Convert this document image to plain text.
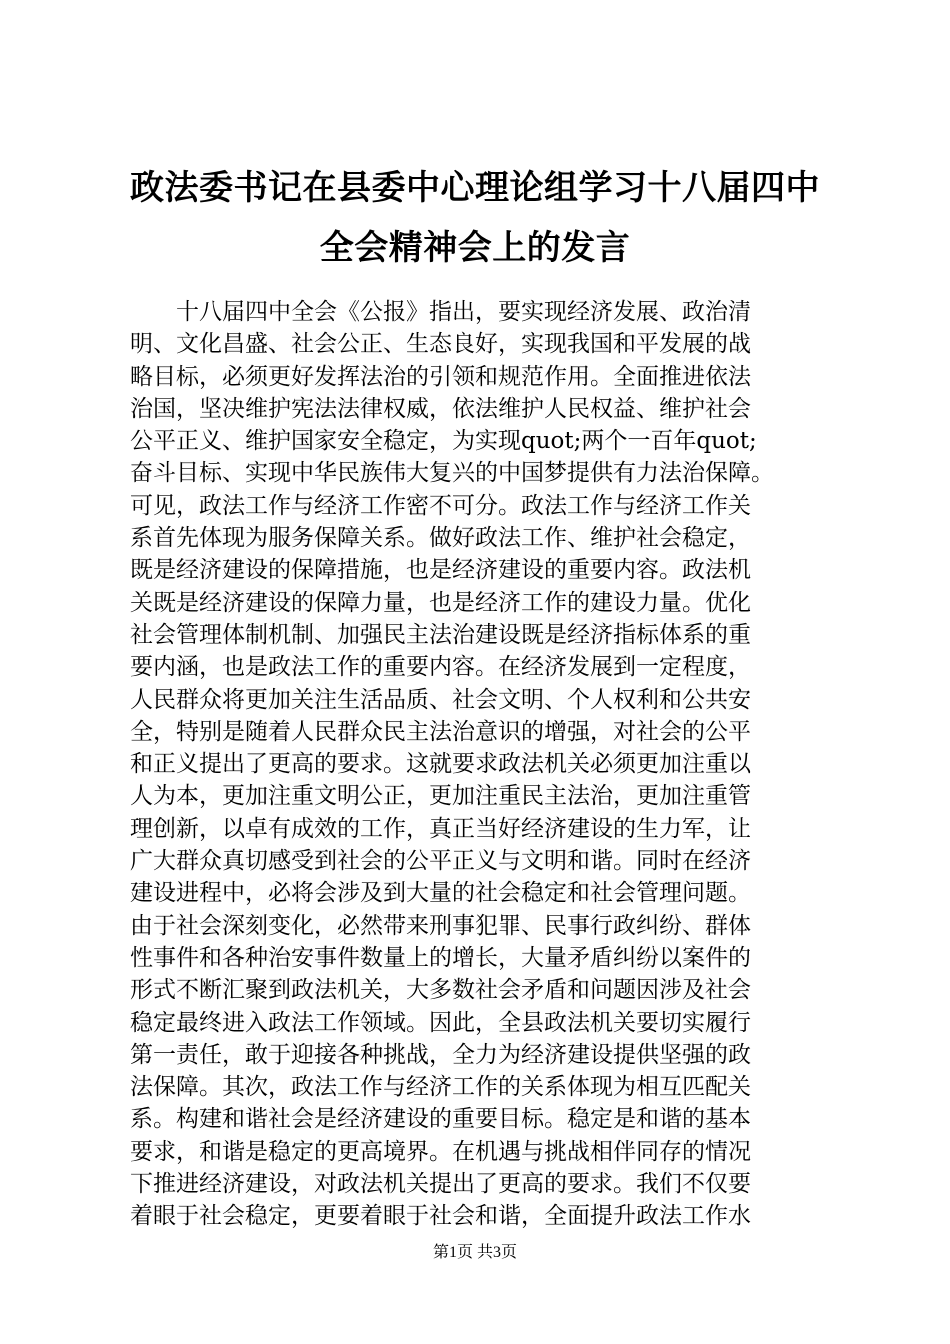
政法委书记在县委中心理论组学习十八届四中
全会精神会上的发言
　　十八届四中全会《公报》指出，要实现经济发展、政治清
明、文化昌盛、社会公正、生态良好，实现我国和平发展的战
略目标，必须更好发挥法治的引领和规范作用。全面推进依法
治国，坚决维护宪法法律权威，依法维护人民权益、维护社会
公平正义、维护国家安全稳定，为实现quot;两个一百年quot;
奋斗目标、实现中华民族伟大复兴的中国梦提供有力法治保障。
可见，政法工作与经济工作密不可分。政法工作与经济工作关
系首先体现为服务保障关系。做好政法工作、维护社会稳定，
既是经济建设的保障措施，也是经济建设的重要内容。政法机
关既是经济建设的保障力量，也是经济工作的建设力量。优化
社会管理体制机制、加强民主法治建设既是经济指标体系的重
要内涵，也是政法工作的重要内容。在经济发展到一定程度，
人民群众将更加关注生活品质、社会文明、个人权利和公共安
全，特别是随着人民群众民主法治意识的增强，对社会的公平
和正义提出了更高的要求。这就要求政法机关必须更加注重以
人为本，更加注重文明公正，更加注重民主法治，更加注重管
理创新，以卓有成效的工作，真正当好经济建设的生力军，让
广大群众真切感受到社会的公平正义与文明和谐。同时在经济
建设进程中，必将会涉及到大量的社会稳定和社会管理问题。
由于社会深刻变化，必然带来刑事犯罪、民事行政纠纷、群体
性事件和各种治安事件数量上的增长，大量矛盾纠纷以案件的
形式不断汇聚到政法机关，大多数社会矛盾和问题因涉及社会
稳定最终进入政法工作领域。因此，全县政法机关要切实履行
第一责任，敢于迎接各种挑战，全力为经济建设提供坚强的政
法保障。其次，政法工作与经济工作的关系体现为相互匹配关
系。构建和谐社会是经济建设的重要目标。稳定是和谐的基本
要求，和谐是稳定的更高境界。在机遇与挑战相伴同存的情况
下推进经济建设，对政法机关提出了更高的要求。我们不仅要
着眼于社会稳定，更要着眼于社会和谐，全面提升政法工作水
第1页 共3页
